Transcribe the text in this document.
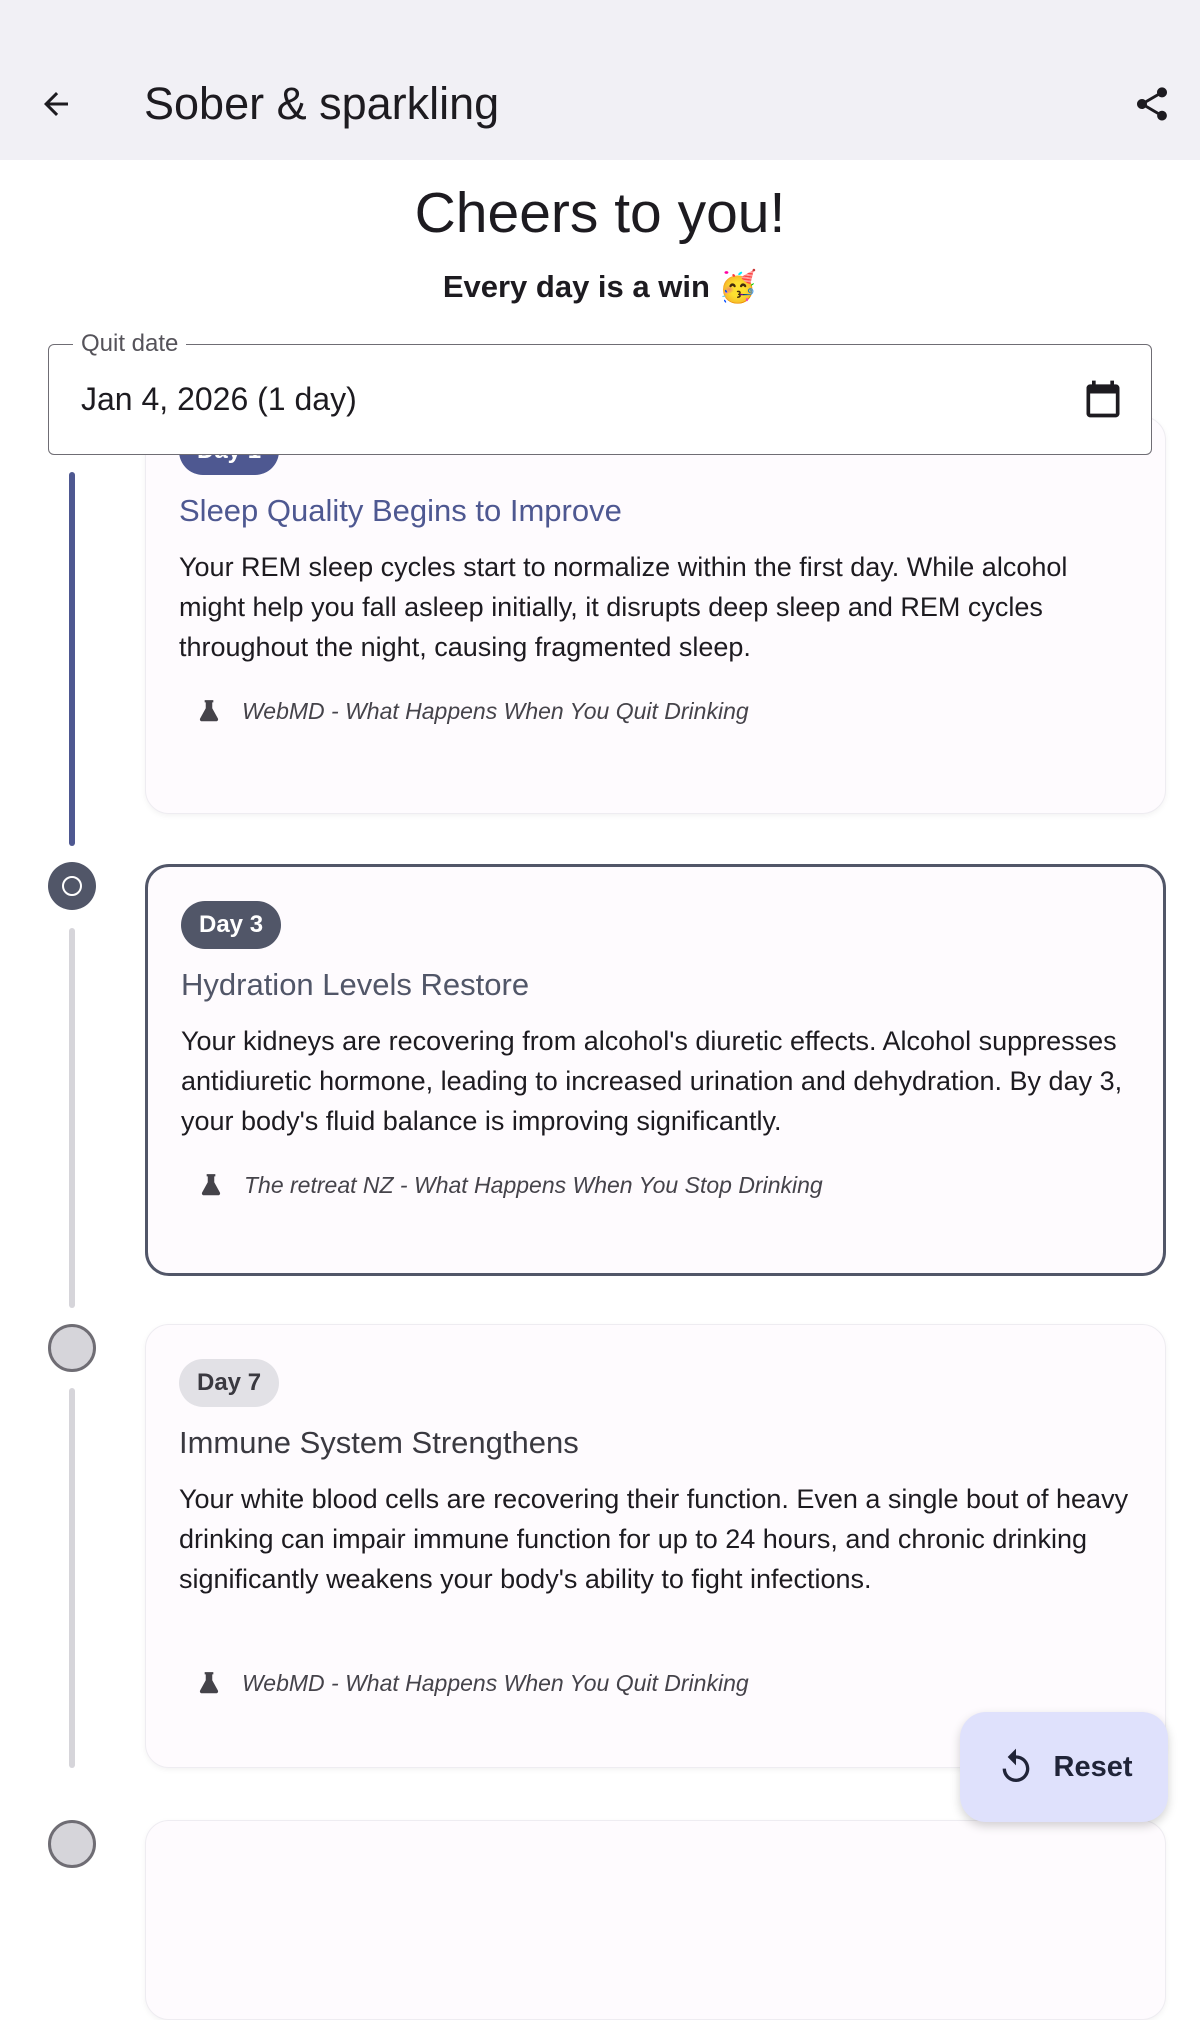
Sober & sparkling
Cheers to you!
Every day is a win 🥳
Quit date
Jan 4, 2026 (1 day)
Sleep Quality Begins to Improve
Your REM sleep cycles start to normalize within the first day. While alcohol might help you fall asleep initially, it disrupts deep sleep and REM cycles throughout the night, causing fragmented sleep.
WebMD - What Happens When You Quit Drinking
Day 3
Hydration Levels Restore
Your kidneys are recovering from alcohol's diuretic effects. Alcohol suppresses antidiuretic hormone, leading to increased urination and dehydration. By day 3, your body's fluid balance is improving significantly.
The retreat NZ - What Happens When You Stop Drinking
Day 7
Immune System Strengthens
Your white blood cells are recovering their function. Even a single bout of heavy drinking can impair immune function for up to 24 hours, and chronic drinking significantly weakens your body's ability to fight infections.
WebMD - What Happens When You Quit Drinking
Reset
